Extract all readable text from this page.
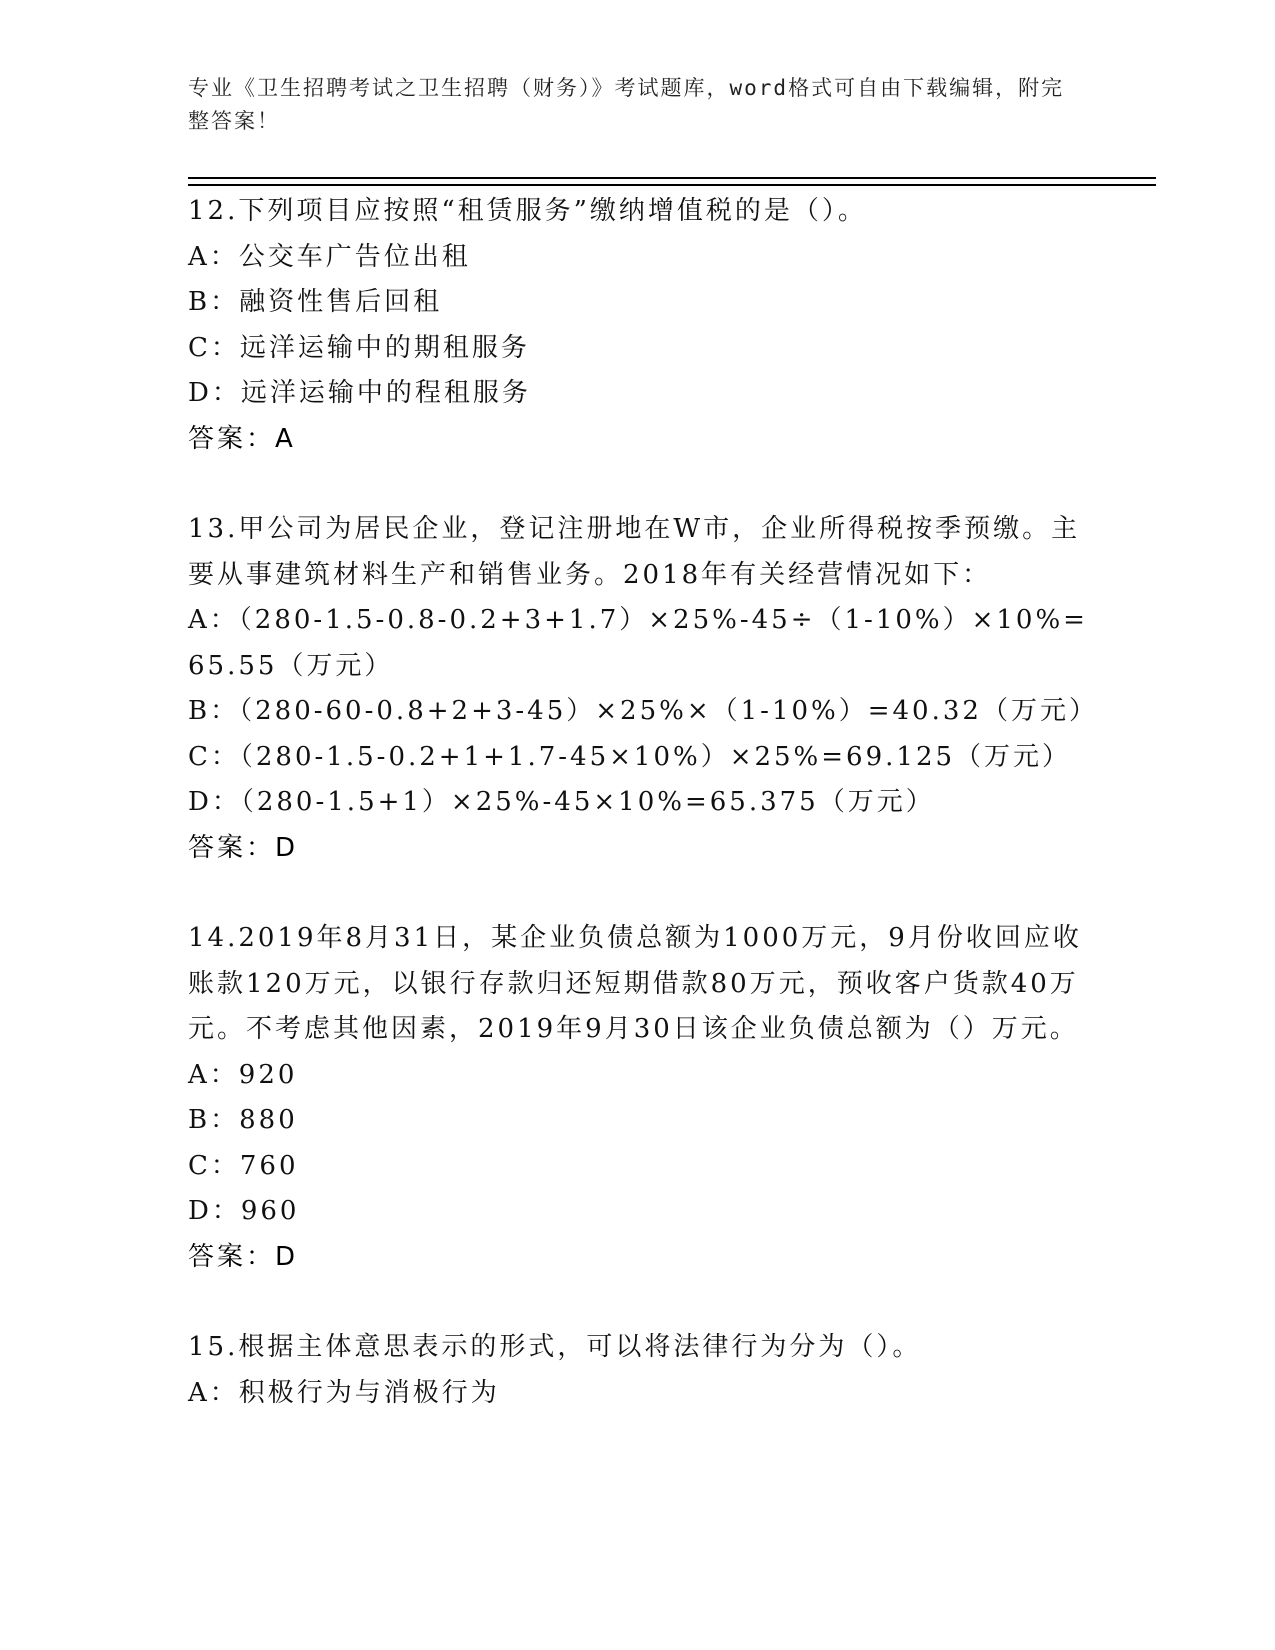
专业《卫生招聘考试之卫生招聘（财务）》考试题库，word格式可自由下载编辑，附完整答案！

12.下列项目应按照“租赁服务”缴纳增值税的是（）。

A：公交车广告位出租

B：融资性售后回租

C：远洋运输中的期租服务

D：远洋运输中的程租服务

答案：A

13.甲公司为居民企业，登记注册地在W市，企业所得税按季预缴。主要从事建筑材料生产和销售业务。2018年有关经营情况如下：

A：（280-1.5-0.8-0.2+3+1.7）×25%-45÷（1-10%）×10%=65.55（万元）

B：（280-60-0.8+2+3-45）×25%×（1-10%）=40.32（万元）

C：（280-1.5-0.2+1+1.7-45×10%）×25%=69.125（万元）

D：（280-1.5+1）×25%-45×10%=65.375（万元）

答案：D

14.2019年8月31日，某企业负债总额为1000万元，9月份收回应收账款120万元，以银行存款归还短期借款80万元，预收客户货款40万元。不考虑其他因素，2019年9月30日该企业负债总额为（）万元。

A：920

B：880

C：760

D：960

答案：D

15.根据主体意思表示的形式，可以将法律行为分为（）。

A：积极行为与消极行为
